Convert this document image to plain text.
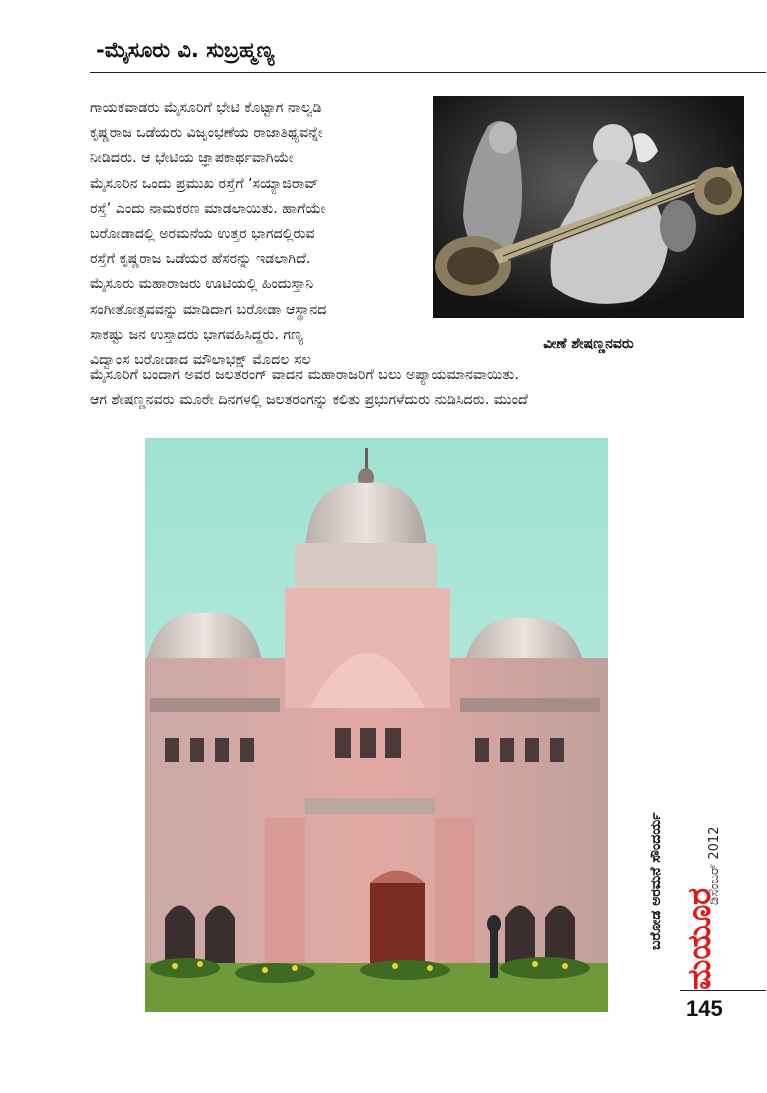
-ಮೈಸೂರು ವಿ. ಸುಬ್ರಹ್ಮಣ್ಯ
ಗಾಯಕವಾಡರು ಮೈಸೂರಿಗೆ ಭೇಟಿ ಕೊಟ್ಟಾಗ ನಾಲ್ವಡಿ
ಕೃಷ್ಣರಾಜ ಒಡೆಯರು ವಿಜೃಂಭಣೆಯ ರಾಜಾತಿಥ್ಯವನ್ನೇ
ನೀಡಿದರು. ಆ ಭೇಟಿಯ ಜ್ಞಾಪಕಾರ್ಥವಾಗಿಯೇ
ಮೈಸೂರಿನ ಒಂದು ಪ್ರಮುಖ ರಸ್ತೆಗೆ ‘ಸಯ್ಯಾಜಿರಾವ್
ರಸ್ತೆ’ ಎಂದು ನಾಮಕರಣ ಮಾಡಲಾಯಿತು. ಹಾಗೆಯೇ
ಬರೋಡಾದಲ್ಲಿ ಅರಮನೆಯ ಉತ್ತರ ಭಾಗದಲ್ಲಿರುವ
ರಸ್ತೆಗೆ ಕೃಷ್ಣರಾಜ ಒಡೆಯರ ಹೆಸರನ್ನು ಇಡಲಾಗಿದೆ.
ಮೈಸೂರು ಮಹಾರಾಜರು ಊಟಿಯಲ್ಲಿ ಹಿಂದುಸ್ತಾನಿ
ಸಂಗೀತೋತ್ಸವವನ್ನು ಮಾಡಿದಾಗ ಬರೋಡಾ ಆಸ್ಥಾನದ
ಸಾಕಷ್ಟು ಜನ ಉಸ್ತಾದರು ಭಾಗವಹಿಸಿದ್ದರು. ಗಣ್ಯ
ವಿದ್ವಾಂಸ ಬರೋಡಾದ ಮೌಲಾಭಕ್ಷ್ ಮೊದಲ ಸಲ
ವೀಣೆ ಶೇಷಣ್ಣನವರು
ಮೈಸೂರಿಗೆ ಬಂದಾಗ ಅವರ ಜಲತರಂಗ್ ವಾದನ ಮಹಾರಾಜರಿಗೆ ಬಲು ಅಪ್ಯಾಯಮಾನವಾಯಿತು.
ಆಗ ಶೇಷಣ್ಣನವರು ಮೂರೇ ದಿನಗಳಲ್ಲಿ ಜಲತರಂಗನ್ನು ಕಲಿತು ಪ್ರಭುಗಳೆದುರು ನುಡಿಸಿದರು. ಮುಂದೆ
ಬರೋಡ ಅರಮನೆ ಸೌಂದರ್ಯ ಮಯೂರ
ಡಿಸೆಂಬರ್ 2012
145
